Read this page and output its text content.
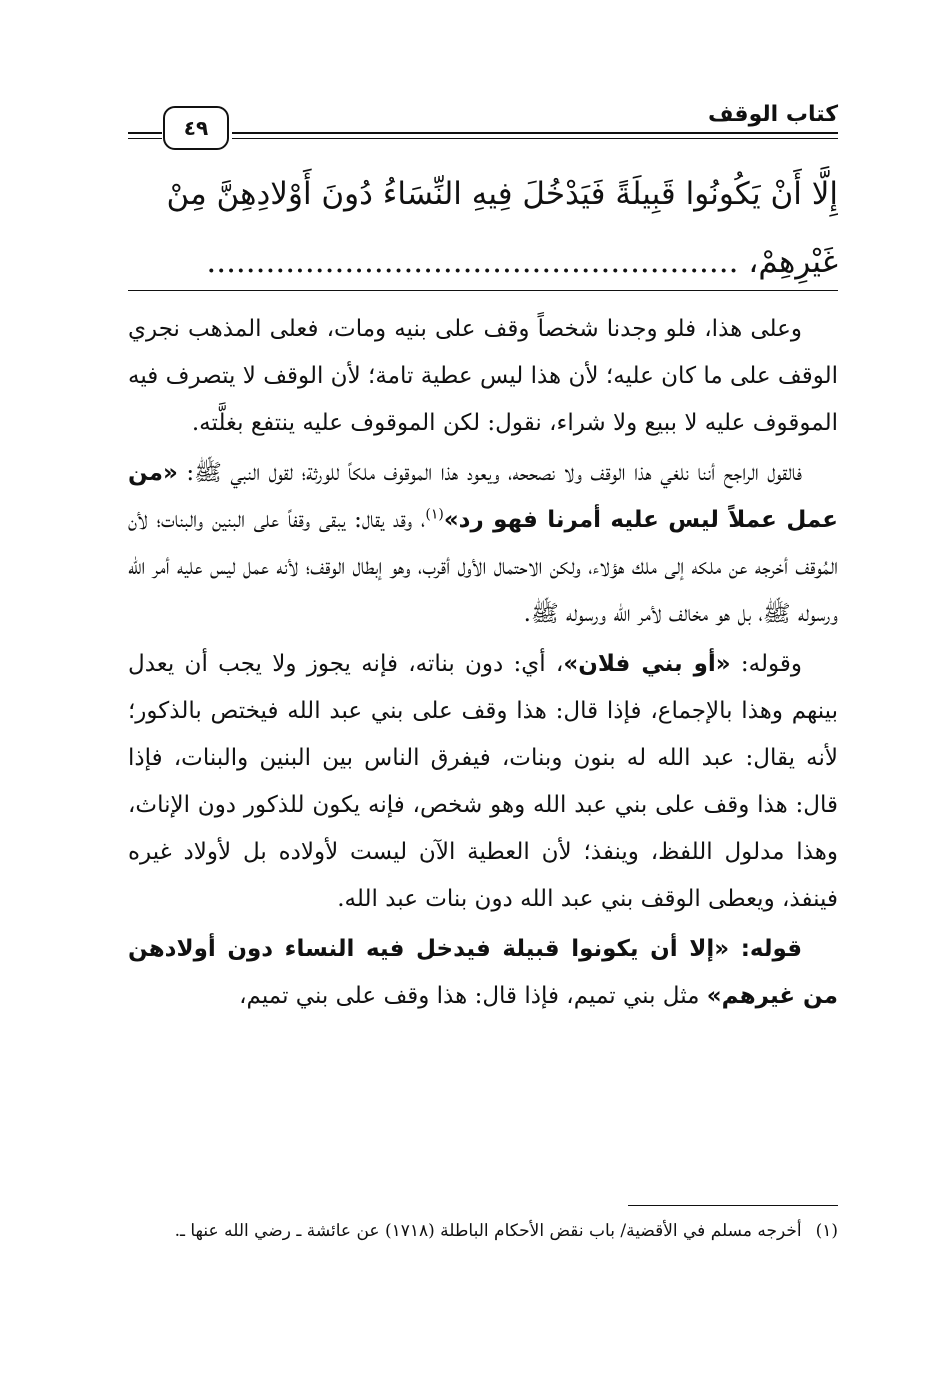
كتاب الوقف
٤٩
إِلَّا أَنْ يَكُونُوا قَبِيلَةً فَيَدْخُلَ فِيهِ النِّسَاءُ دُونَ أَوْلادِهِنَّ مِنْ
غَيْرِهِمْ، ......................................................

وعلى هذا، فلو وجدنا شخصاً وقف على بنيه ومات، فعلى المذهب نجري الوقف على ما كان عليه؛ لأن هذا ليس عطية تامة؛ لأن الوقف لا يتصرف فيه الموقوف عليه لا ببيع ولا شراء، نقول: لكن الموقوف عليه ينتفع بغلَّته.

فالقول الراجح أننا نلغي هذا الوقف ولا نصححه، ويعود هذا الموقوف ملكاً للورثة؛ لقول النبي ﷺ: «من عمل عملاً ليس عليه أمرنا فهو رد»$^{(١)}$، وقد يقال: يبقى وقفاً على البنين والبنات؛ لأن المُوقف أخرجه عن ملكه إلى ملك هؤلاء، ولكن الاحتمال الأول أقرب، وهو إبطال الوقف؛ لأنه عمل ليس عليه أمر الله ورسوله ﷺ، بل هو مخالف لأمر الله ورسوله ﷺ.

وقوله: «أو بني فلان»، أي: دون بناته، فإنه يجوز ولا يجب أن يعدل بينهم وهذا بالإجماع، فإذا قال: هذا وقف على بني عبد الله فيختص بالذكور؛ لأنه يقال: عبد الله له بنون وبنات، فيفرق الناس بين البنين والبنات، فإذا قال: هذا وقف على بني عبد الله وهو شخص، فإنه يكون للذكور دون الإناث، وهذا مدلول اللفظ، وينفذ؛ لأن العطية الآن ليست لأولاده بل لأولاد غيره فينفذ، ويعطى الوقف بني عبد الله دون بنات عبد الله.

قوله: «إلا أن يكونوا قبيلة فيدخل فيه النساء دون أولادهن من غيرهم» مثل بني تميم، فإذا قال: هذا وقف على بني تميم،

(١)أخرجه مسلم في الأقضية/ باب نقض الأحكام الباطلة (١٧١٨) عن عائشة ـ رضي الله عنها ـ.
